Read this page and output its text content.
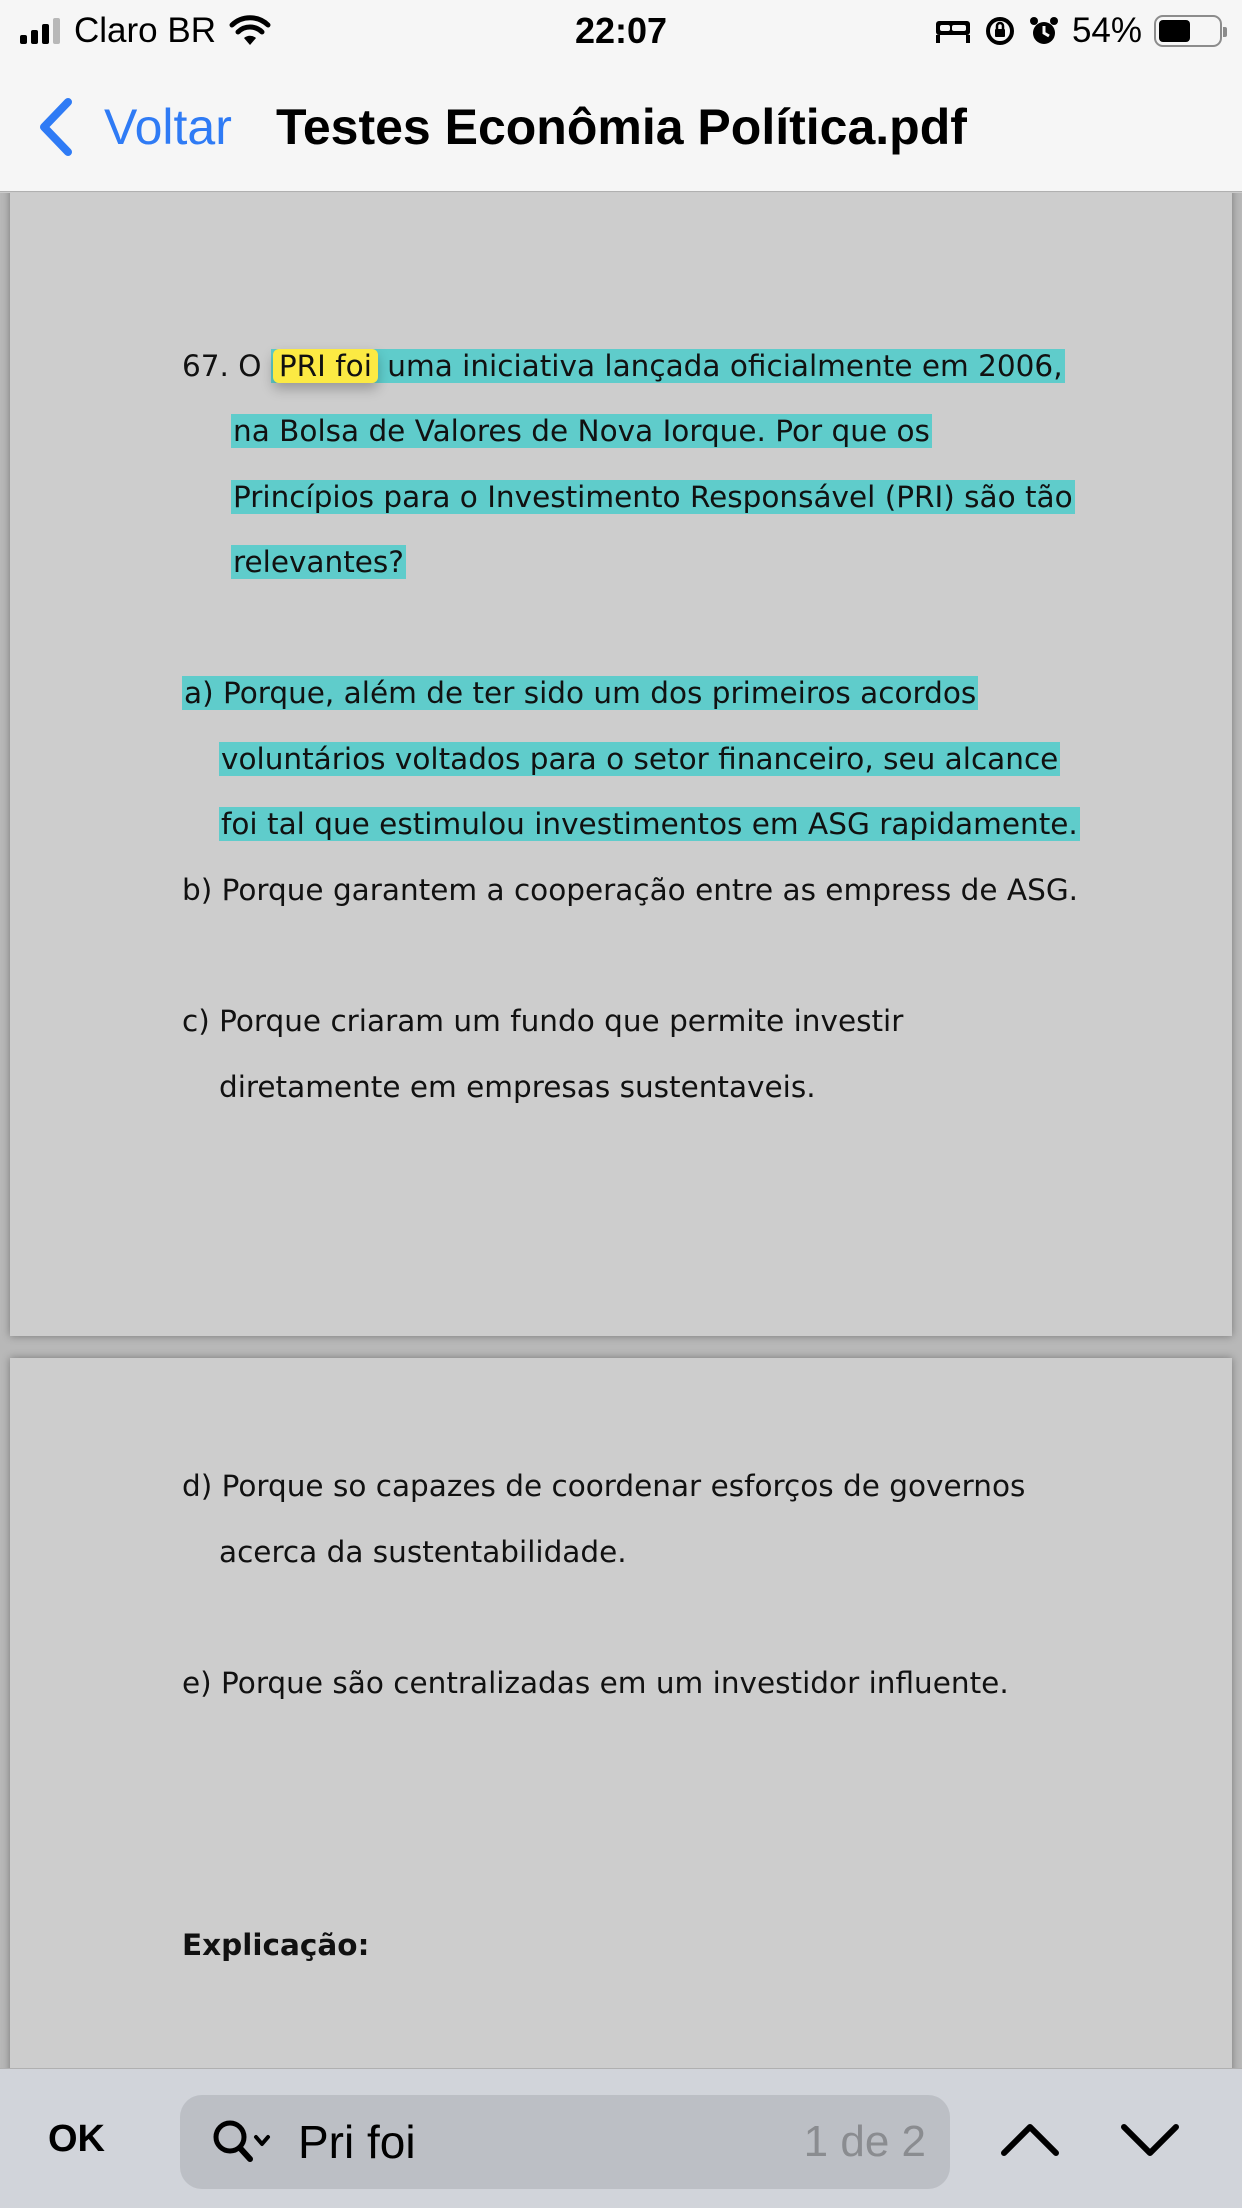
Claro BR	22:07	54%
Voltar Testes Econômia Política.pdf
67. O PRI foi uma iniciativa lançada oficialmente em 2006,
na Bolsa de Valores de Nova Iorque. Por que os
Princípios para o Investimento Responsável (PRI) são tão
relevantes?
a) Porque, além de ter sido um dos primeiros acordos
voluntários voltados para o setor financeiro, seu alcance
foi tal que estimulou investimentos em ASG rapidamente.
b) Porque garantem a cooperação entre as empress de ASG.
c) Porque criaram um fundo que permite investir
diretamente em empresas sustentaveis.
d) Porque so capazes de coordenar esforços de governos
acerca da sustentabilidade.
e) Porque são centralizadas em um investidor influente.
Explicação:
OK	Pri foi	1 de 2
